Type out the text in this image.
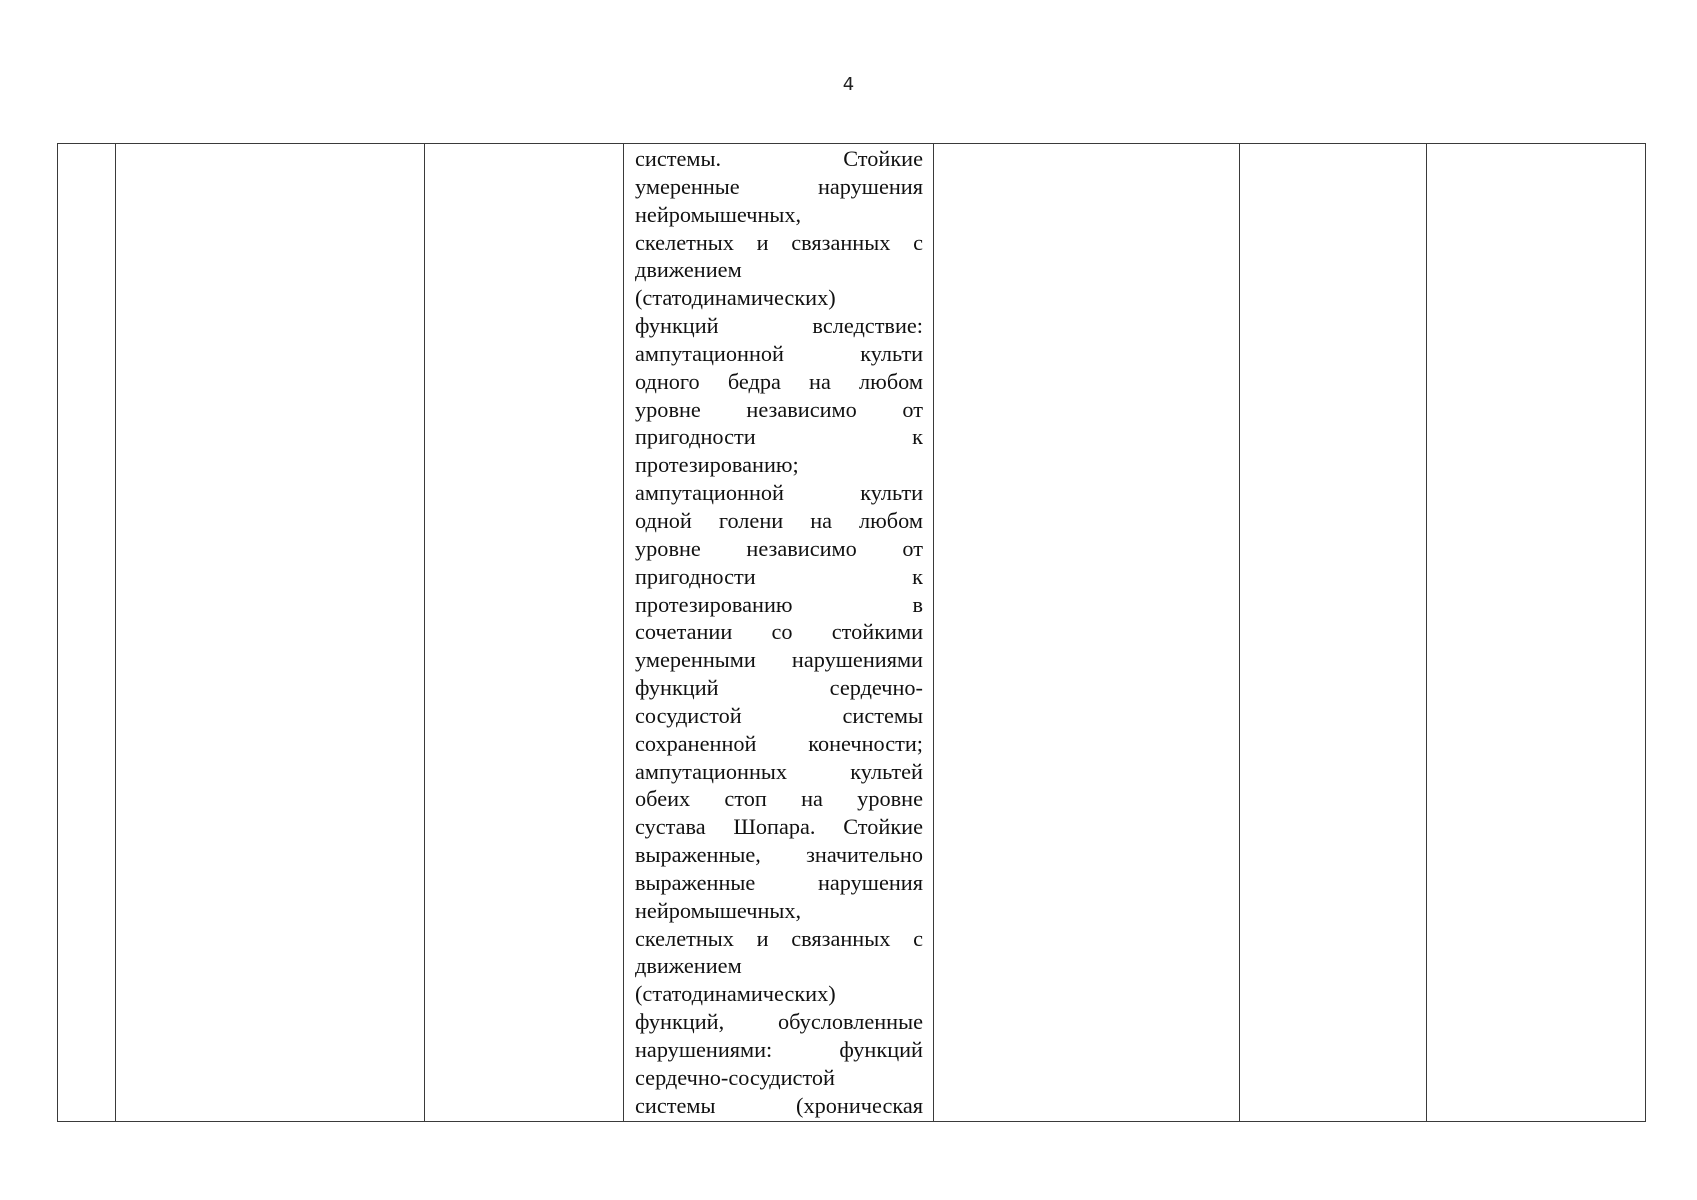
4

системы. Стойкие
умеренные нарушения
нейромышечных,
скелетных и связанных с
движением
(статодинамических)
функций вследствие:
ампутационной культи
одного бедра на любом
уровне независимо от
пригодности к
протезированию;
ампутационной культи
одной голени на любом
уровне независимо от
пригодности к
протезированию в
сочетании со стойкими
умеренными нарушениями
функций сердечно-
сосудистой системы
сохраненной конечности;
ампутационных культей
обеих стоп на уровне
сустава Шопара. Стойкие
выраженные, значительно
выраженные нарушения
нейромышечных,
скелетных и связанных с
движением
(статодинамических)
функций, обусловленные
нарушениями: функций
сердечно-сосудистой
системы (хроническая
